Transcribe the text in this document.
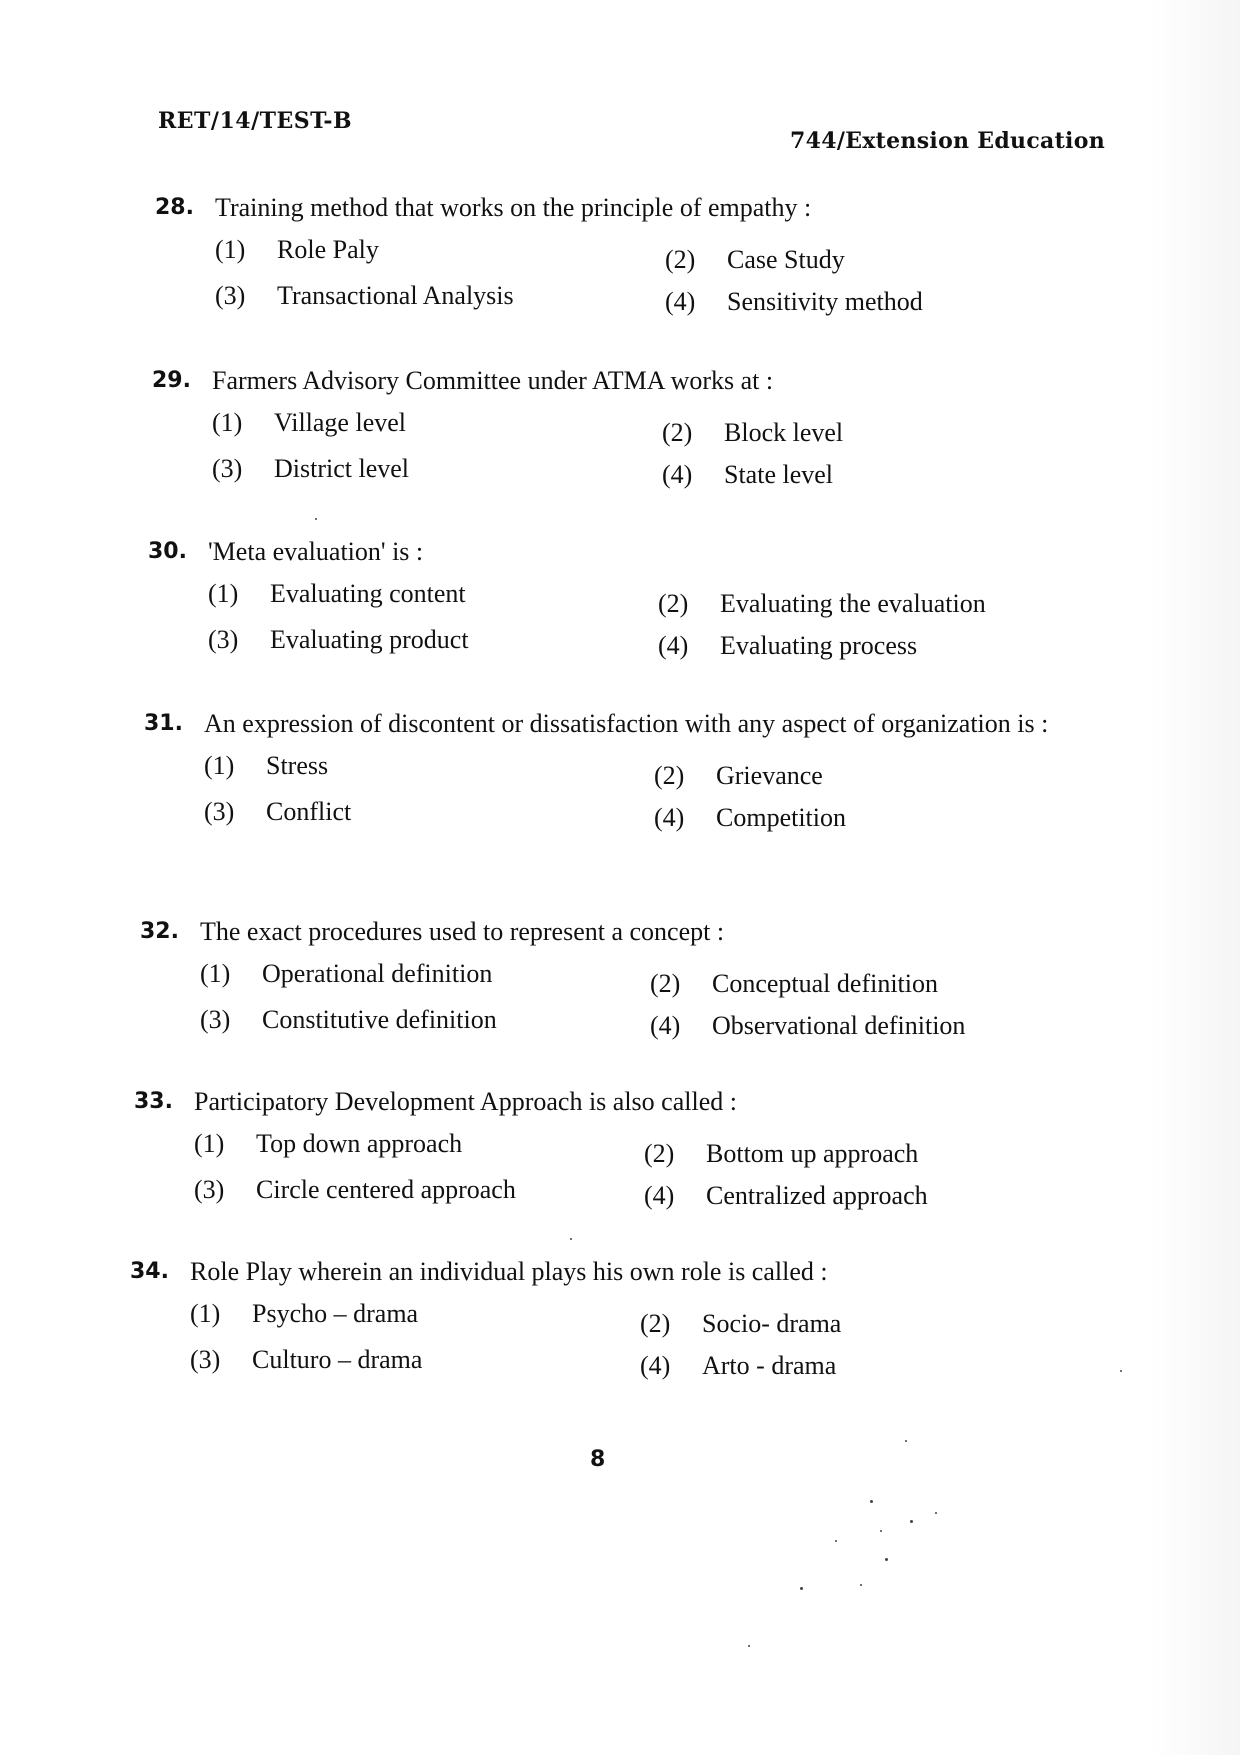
RET/14/TEST-B
744/Extension Education
28. Training method that works on the principle of empathy :
(1) Role Paly	(2) Case Study
(3) Transactional Analysis	(4) Sensitivity method
29. Farmers Advisory Committee under ATMA works at :
(1) Village level	(2) Block level
(3) District level	(4) State level
30. 'Meta evaluation' is :
(1) Evaluating content	(2) Evaluating the evaluation
(3) Evaluating product	(4) Evaluating process
31. An expression of discontent or dissatisfaction with any aspect of organization is :
(1) Stress	(2) Grievance
(3) Conflict	(4) Competition
32. The exact procedures used to represent a concept :
(1) Operational definition	(2) Conceptual definition
(3) Constitutive definition	(4) Observational definition
33. Participatory Development Approach is also called :
(1) Top down approach	(2) Bottom up approach
(3) Circle centered approach	(4) Centralized approach
34. Role Play wherein an individual plays his own role is called :
(1) Psycho – drama	(2) Socio- drama
(3) Culturo – drama	(4) Arto - drama
8
